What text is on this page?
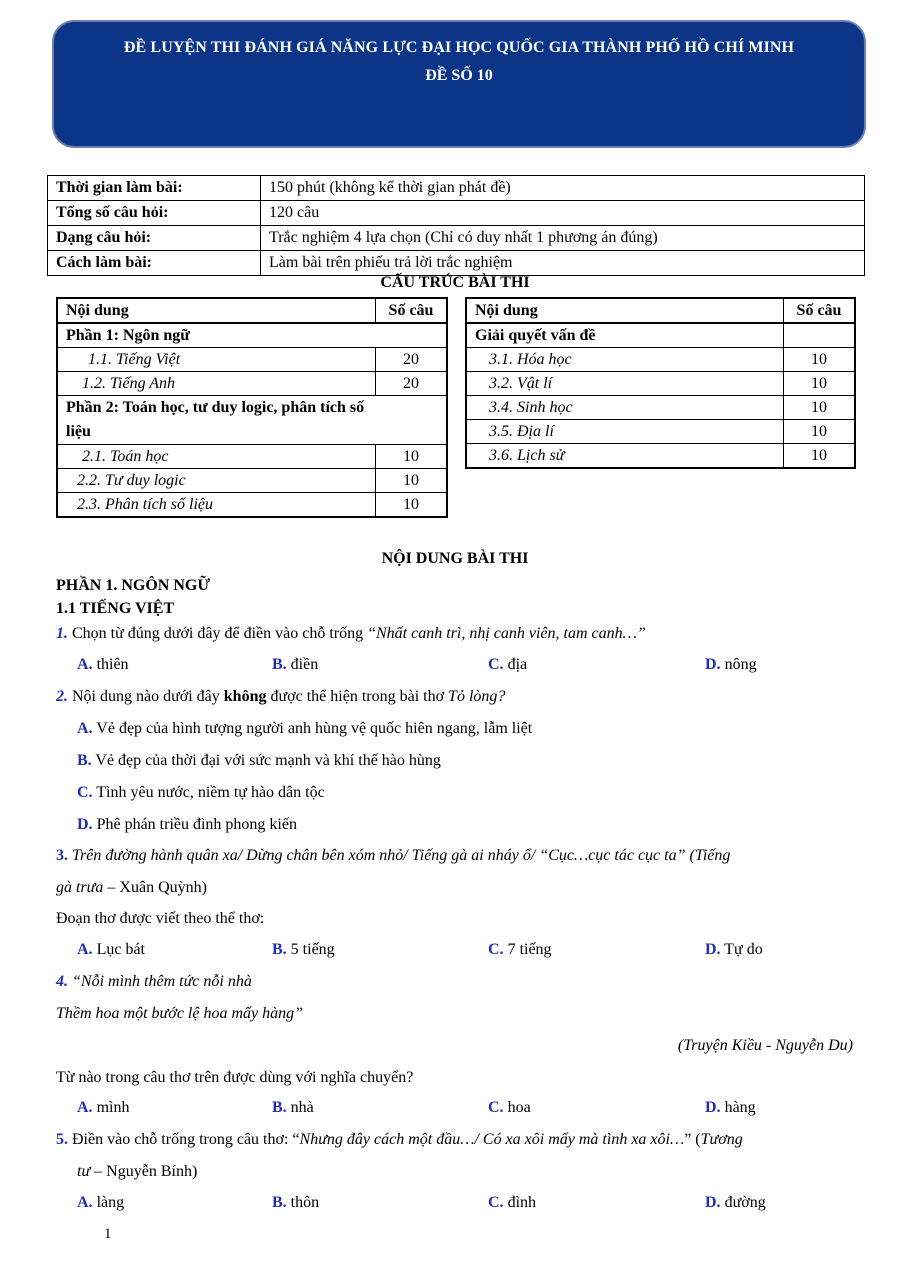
ĐỀ LUYỆN THI ĐÁNH GIÁ NĂNG LỰC ĐẠI HỌC QUỐC GIA THÀNH PHỐ HỒ CHÍ MINH
ĐỀ SỐ 10
Thời gian làm bài:	150 phút (không kể thời gian phát đề)
Tổng số câu hỏi:	120 câu
Dạng câu hỏi:	Trắc nghiệm 4 lựa chọn (Chỉ có duy nhất 1 phương án đúng)
Cách làm bài:	Làm bài trên phiếu trả lời trắc nghiệm
CẤU TRÚC BÀI THI
Nội dung	Số câu
Phần 1: Ngôn ngữ	
1.1. Tiếng Việt	20
1.2. Tiếng Anh	20
Phần 2: Toán học, tư duy logic, phân tích số
liệu	
2.1. Toán học	10
2.2. Tư duy logic	10
2.3. Phân tích số liệu	10
Nội dung	Số câu
Giải quyết vấn đề	
3.1. Hóa học	10
3.2. Vật lí	10
3.4. Sinh học	10
3.5. Địa lí	10
3.6. Lịch sử	10
NỘI DUNG BÀI THI
PHẦN 1. NGÔN NGỮ
1.1 TIẾNG VIỆT
1. Chọn từ đúng dưới đây để điền vào chỗ trống “Nhất canh trì, nhị canh viên, tam canh…”
A. thiên	B. điền	C. địa	D. nông
2. Nội dung nào dưới đây không được thể hiện trong bài thơ Tỏ lòng?
A. Vẻ đẹp của hình tượng người anh hùng vệ quốc hiên ngang, lẫm liệt
B. Vẻ đẹp của thời đại với sức mạnh và khí thế hào hùng
C. Tình yêu nước, niềm tự hào dân tộc
D. Phê phán triều đình phong kiến
3. Trên đường hành quân xa/ Dừng chân bên xóm nhỏ/ Tiếng gà ai nháy ổ/ “Cục…cục tác cục ta” (Tiếng
gà trưa – Xuân Quỳnh)
Đoạn thơ được viết theo thể thơ:
A. Lục bát	B. 5 tiếng	C. 7 tiếng	D. Tự do
4. “Nỗi mình thêm tức nỗi nhà
Thềm hoa một bước lệ hoa mấy hàng”
(Truyện Kiều - Nguyễn Du)
Từ nào trong câu thơ trên được dùng với nghĩa chuyển?
A. mình	B. nhà	C. hoa	D. hàng
5. Điền vào chỗ trống trong câu thơ: “Nhưng đây cách một đầu…/ Có xa xôi mấy mà tình xa xôi…” (Tương
tư – Nguyễn Bính)
A. làng	B. thôn	C. đình	D. đường
1
